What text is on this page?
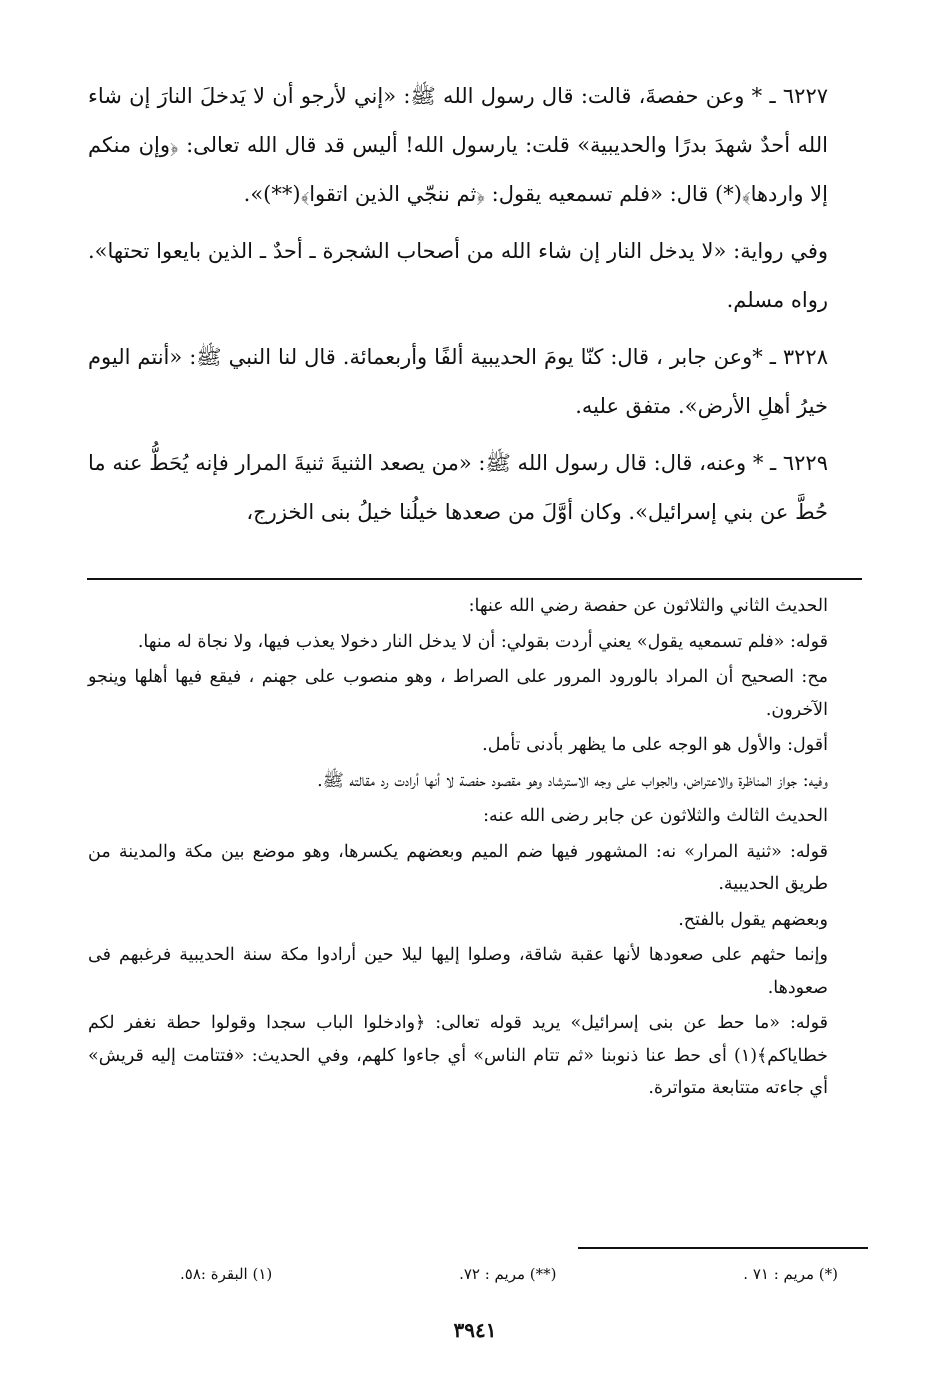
٦٢٢٧ ـ * وعن حفصةَ، قالت: قال رسول الله ﷺ: «إني لأرجو أن لا يَدخلَ النارَ إن شاء الله أحدٌ شهدَ بدرًا والحديبية» قلت: يارسول الله! أليس قد قال الله تعالى: ﴿وإن منكم إلا واردها﴾(*) قال: «فلم تسمعيه يقول: ﴿ثم ننجّي الذين اتقوا﴾(**)».

وفي رواية: «لا يدخل النار إن شاء الله من أصحاب الشجرة ـ أحدٌ ـ الذين بايعوا تحتها». رواه مسلم.

٣٢٢٨ ـ *وعن جابر ، قال: كنّا يومَ الحديبية ألفًا وأربعمائة. قال لنا النبي ﷺ: «أنتم اليوم خيرُ أهلِ الأرض». متفق عليه.

٦٢٢٩ ـ * وعنه، قال: قال رسول الله ﷺ: «من يصعد الثنيةَ ثنيةَ المرار فإنه يُحَطُّ عنه ما حُطَّ عن بني إسرائيل». وكان أوَّلَ من صعدها خيلُنا خيلُ بنى الخزرج،

الحديث الثاني والثلاثون عن حفصة رضي الله عنها:

قوله: «فلم تسمعيه يقول» يعني أردت بقولي: أن لا يدخل النار دخولا يعذب فيها، ولا نجاة له منها.

مح: الصحيح أن المراد بالورود المرور على الصراط ، وهو منصوب على جهنم ، فيقع فيها أهلها وينجو الآخرون.

أقول: والأول هو الوجه على ما يظهر بأدنى تأمل.

وفيه: جواز المناظرة والاعتراض، والجواب على وجه الاسترشاد وهو مقصود حفصة لا أنها أرادت رد مقالته ﷺ.

الحديث الثالث والثلاثون عن جابر رضى الله عنه:

قوله: «ثنية المرار» نه: المشهور فيها ضم الميم وبعضهم يكسرها، وهو موضع بين مكة والمدينة من طريق الحديبية.

وبعضهم يقول بالفتح.

وإنما حثهم على صعودها لأنها عقبة شاقة، وصلوا إليها ليلا حين أرادوا مكة سنة الحديبية فرغبهم فى صعودها.

قوله: «ما حط عن بنى إسرائيل» يريد قوله تعالى: ﴿وادخلوا الباب سجدا وقولوا حطة نغفر لكم خطاياكم﴾(١) أى حط عنا ذنوبنا «ثم تتام الناس» أي جاءوا كلهم، وفي الحديث: «فتتامت إليه قريش» أي جاءته متتابعة متواترة.

(*) مريم : ٧١ .
(**) مريم : ٧٢.
(١) البقرة :٥٨.
٣٩٤١
